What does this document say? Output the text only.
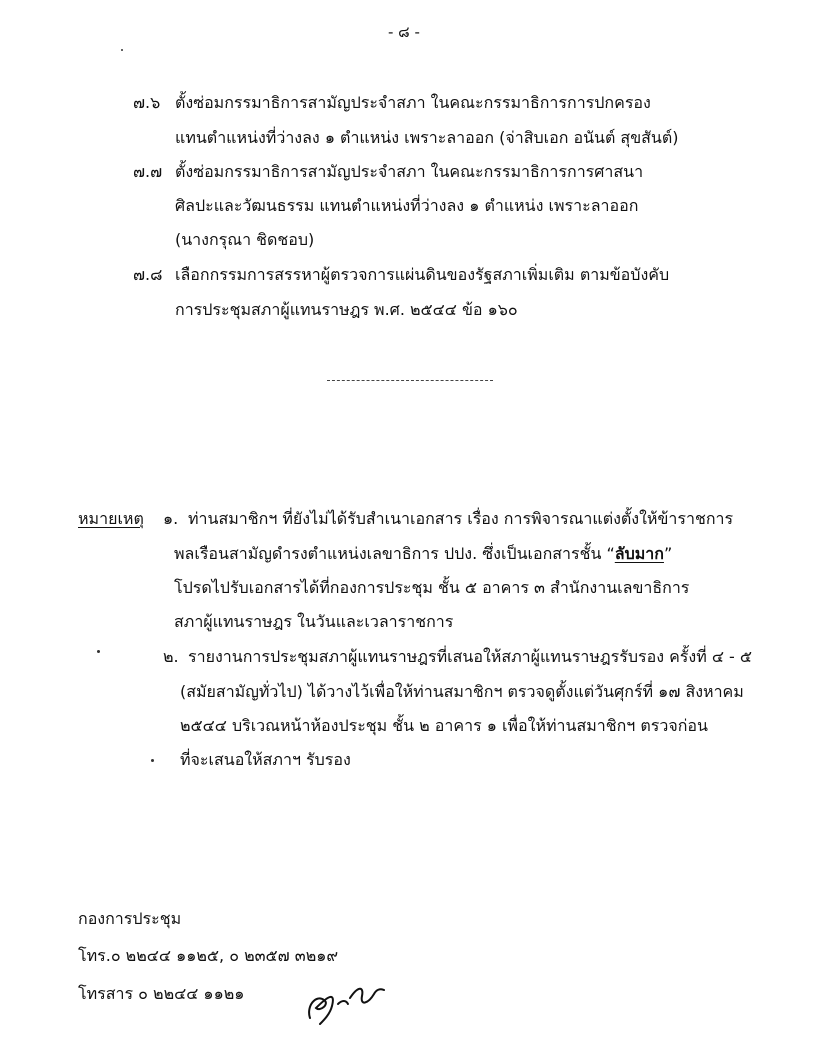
- ๘ -
๗.๖ ตั้งซ่อมกรรมาธิการสามัญประจำสภา ในคณะกรรมาธิการการปกครอง
แทนตำแหน่งที่ว่างลง ๑ ตำแหน่ง เพราะลาออก (จ่าสิบเอก อนันต์ สุขสันต์)
๗.๗ ตั้งซ่อมกรรมาธิการสามัญประจำสภา ในคณะกรรมาธิการการศาสนา
ศิลปะและวัฒนธรรม แทนตำแหน่งที่ว่างลง ๑ ตำแหน่ง เพราะลาออก
(นางกรุณา ชิดชอบ)
๗.๘ เลือกกรรมการสรรหาผู้ตรวจการแผ่นดินของรัฐสภาเพิ่มเติม ตามข้อบังคับ
การประชุมสภาผู้แทนราษฎร พ.ศ. ๒๕๔๔ ข้อ ๑๖๐
หมายเหตุ ๑. ท่านสมาชิกฯ ที่ยังไม่ได้รับสำเนาเอกสาร เรื่อง การพิจารณาแต่งตั้งให้ข้าราชการ
พลเรือนสามัญดำรงตำแหน่งเลขาธิการ ปปง. ซึ่งเป็นเอกสารชั้น “ลับมาก”
โปรดไปรับเอกสารได้ที่กองการประชุม ชั้น ๕ อาคาร ๓ สำนักงานเลขาธิการ
สภาผู้แทนราษฎร ในวันและเวลาราชการ
๒. รายงานการประชุมสภาผู้แทนราษฎรที่เสนอให้สภาผู้แทนราษฎรรับรอง ครั้งที่ ๔ - ๕
(สมัยสามัญทั่วไป) ได้วางไว้เพื่อให้ท่านสมาชิกฯ ตรวจดูตั้งแต่วันศุกร์ที่ ๑๗ สิงหาคม
๒๕๔๔ บริเวณหน้าห้องประชุม ชั้น ๒ อาคาร ๑ เพื่อให้ท่านสมาชิกฯ ตรวจก่อน
ที่จะเสนอให้สภาฯ รับรอง
กองการประชุม
โทร.๐ ๒๒๔๔ ๑๑๒๕, ๐ ๒๓๕๗ ๓๒๑๙
โทรสาร ๐ ๒๒๔๔ ๑๑๒๑
